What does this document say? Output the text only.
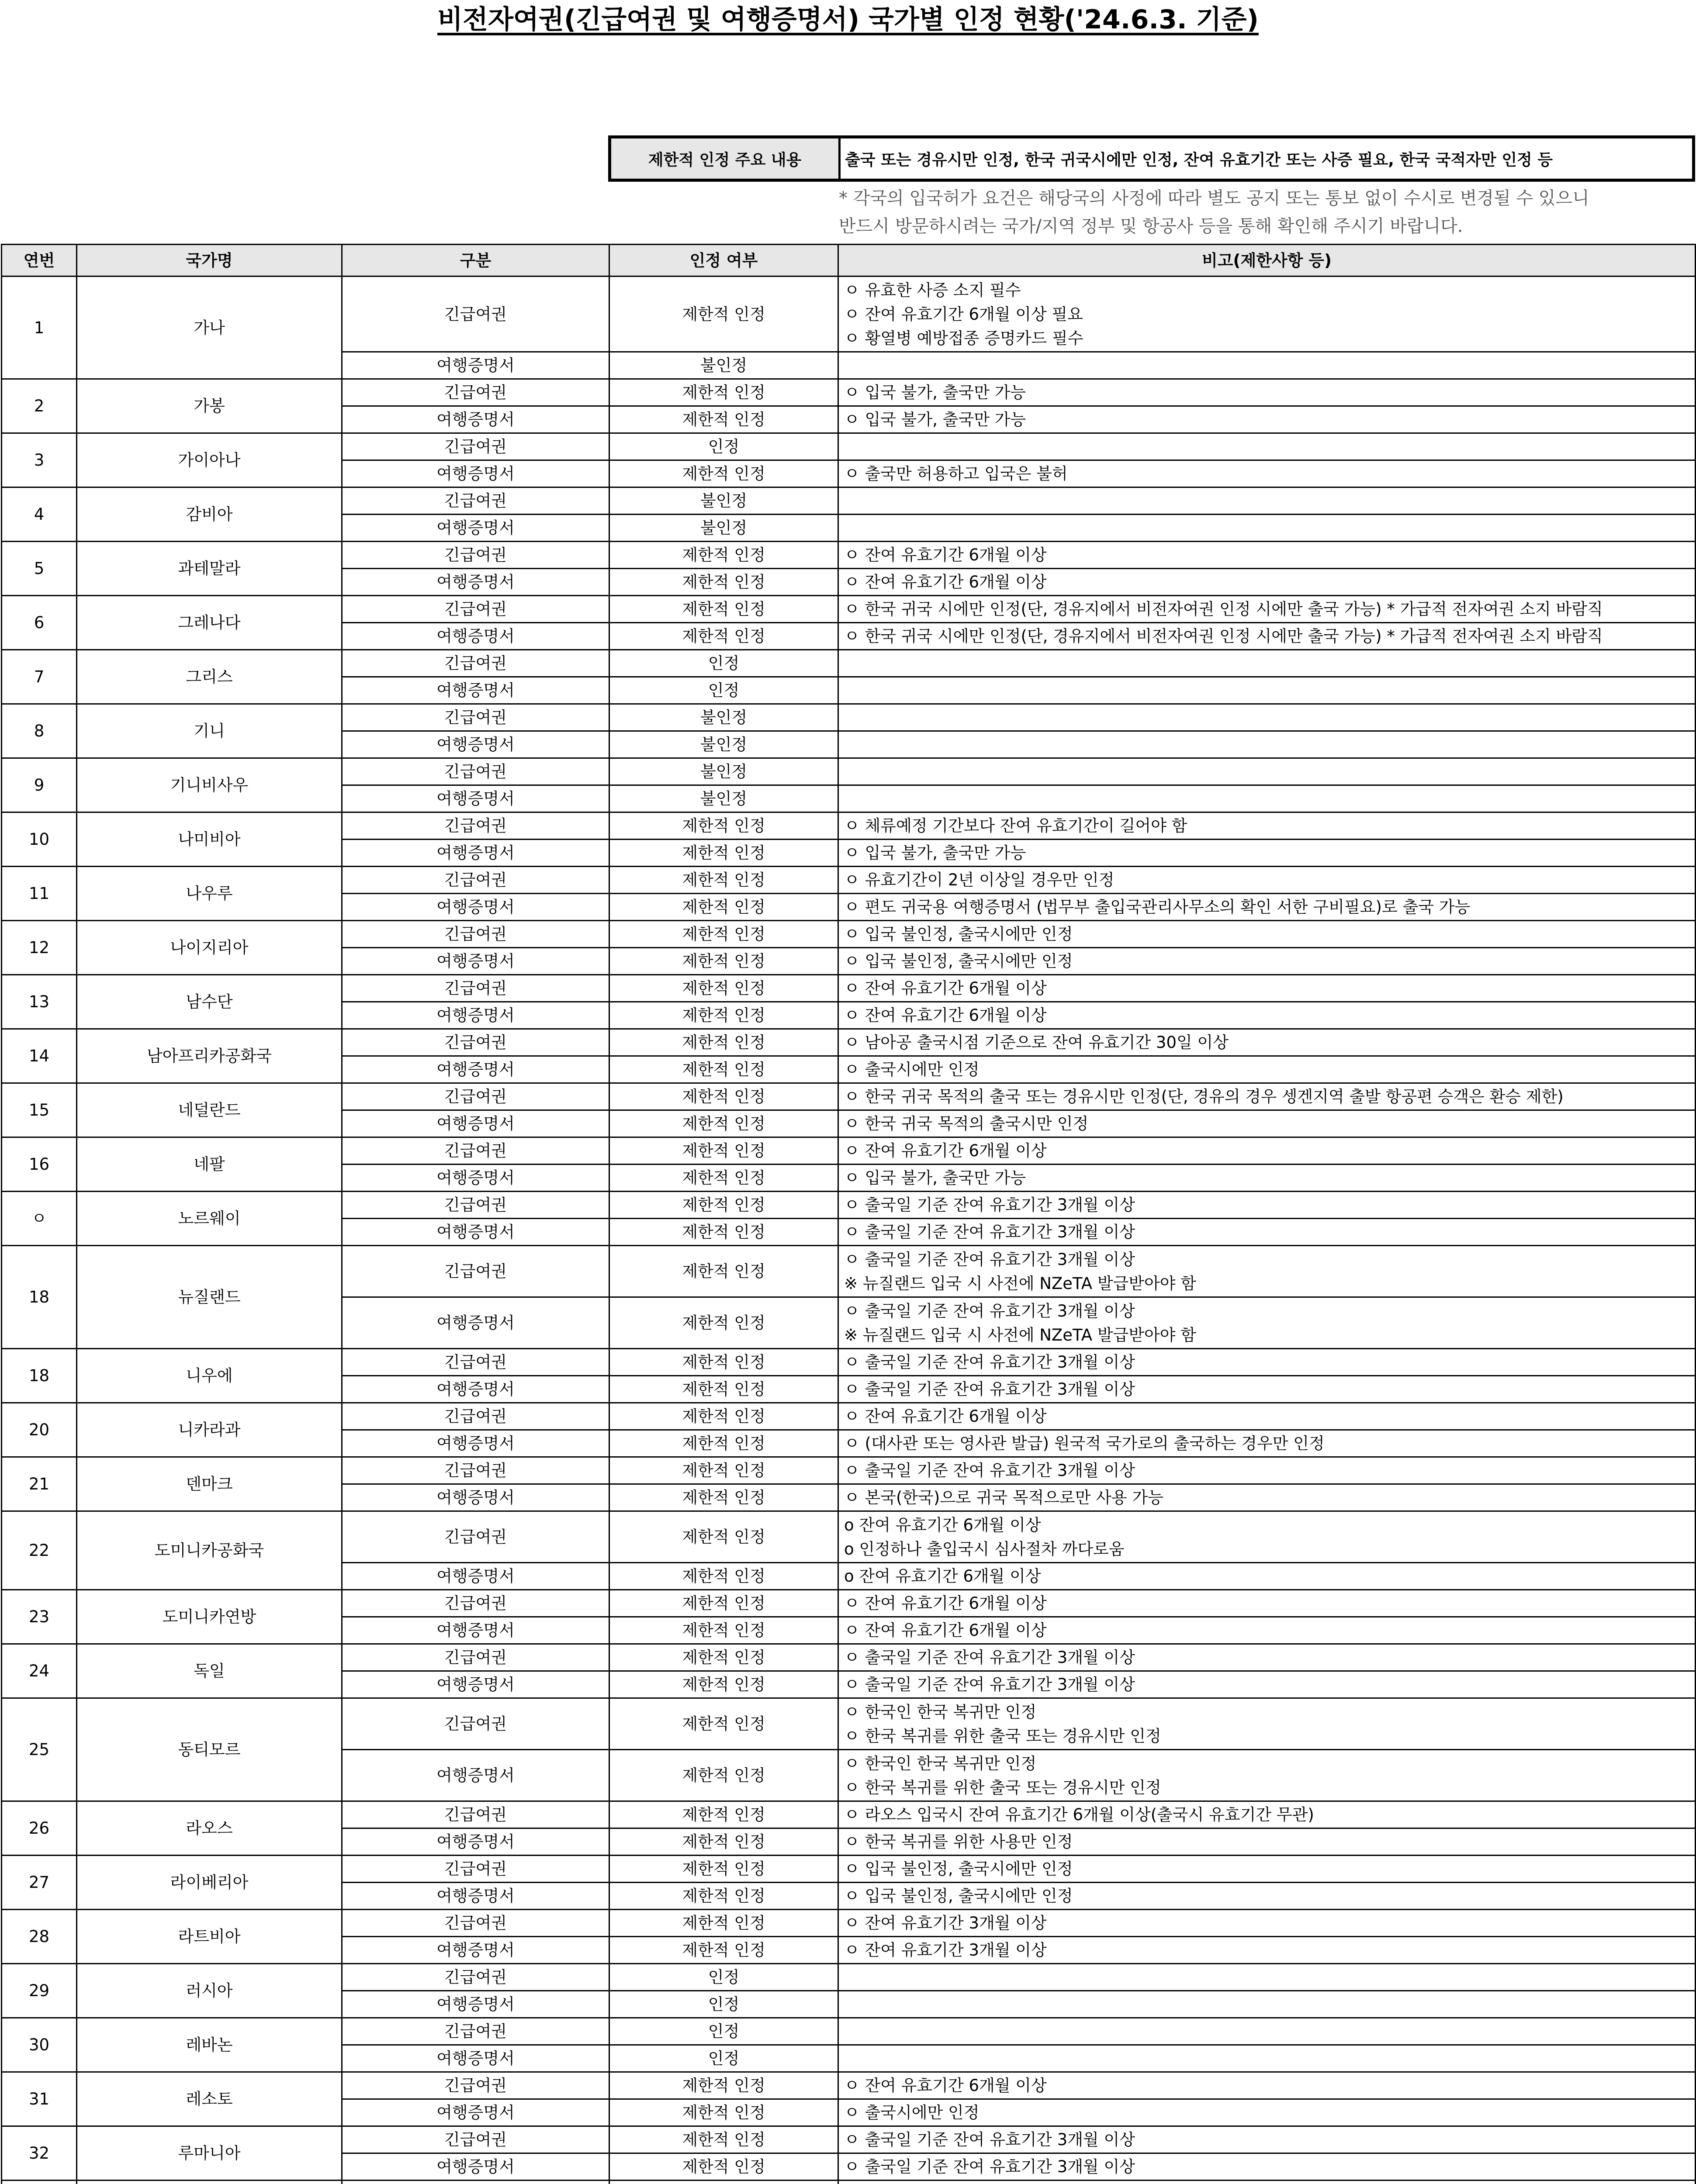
비전자여권(긴급여권 및 여행증명서) 국가별 인정 현황('24.6.3. 기준)
제한적 인정 주요 내용	출국 또는 경유시만 인정, 한국 귀국시에만 인정, 잔여 유효기간 또는 사증 필요, 한국 국적자만 인정 등
* 각국의 입국허가 요건은 해당국의 사정에 따라 별도 공지 또는 통보 없이 수시로 변경될 수 있으니
반드시 방문하시려는 국가/지역 정부 및 항공사 등을 통해 확인해 주시기 바랍니다.
연번	국가명	구분	인정 여부	비고(제한사항 등)
1	가나	긴급여권	제한적 인정	ㅇ 유효한 사증 소지 필수
ㅇ 잔여 유효기간 6개월 이상 필요
ㅇ 황열병 예방접종 증명카드 필수

		여행증명서	불인정	

2	가봉	긴급여권	제한적 인정	ㅇ 입국 불가, 출국만 가능

		여행증명서	제한적 인정	ㅇ 입국 불가, 출국만 가능

3	가이아나	긴급여권	인정	

		여행증명서	제한적 인정	ㅇ 출국만 허용하고 입국은 불허

4	감비아	긴급여권	불인정	

		여행증명서	불인정	

5	과테말라	긴급여권	제한적 인정	ㅇ 잔여 유효기간 6개월 이상

		여행증명서	제한적 인정	ㅇ 잔여 유효기간 6개월 이상

6	그레나다	긴급여권	제한적 인정	ㅇ 한국 귀국 시에만 인정(단, 경유지에서 비전자여권 인정 시에만 출국 가능) * 가급적 전자여권 소지 바람직

		여행증명서	제한적 인정	ㅇ 한국 귀국 시에만 인정(단, 경유지에서 비전자여권 인정 시에만 출국 가능) * 가급적 전자여권 소지 바람직

7	그리스	긴급여권	인정	

		여행증명서	인정	

8	기니	긴급여권	불인정	

		여행증명서	불인정	

9	기니비사우	긴급여권	불인정	

		여행증명서	불인정	

10	나미비아	긴급여권	제한적 인정	ㅇ 체류예정 기간보다 잔여 유효기간이 길어야 함

		여행증명서	제한적 인정	ㅇ 입국 불가, 출국만 가능

11	나우루	긴급여권	제한적 인정	ㅇ 유효기간이 2년 이상일 경우만 인정

		여행증명서	제한적 인정	ㅇ 편도 귀국용 여행증명서 (법무부 출입국관리사무소의 확인 서한 구비필요)로 출국 가능

12	나이지리아	긴급여권	제한적 인정	ㅇ 입국 불인정, 출국시에만 인정

		여행증명서	제한적 인정	ㅇ 입국 불인정, 출국시에만 인정

13	남수단	긴급여권	제한적 인정	ㅇ 잔여 유효기간 6개월 이상

		여행증명서	제한적 인정	ㅇ 잔여 유효기간 6개월 이상

14	남아프리카공화국	긴급여권	제한적 인정	ㅇ 남아공 출국시점 기준으로 잔여 유효기간 30일 이상

		여행증명서	제한적 인정	ㅇ 출국시에만 인정

15	네덜란드	긴급여권	제한적 인정	ㅇ 한국 귀국 목적의 출국 또는 경유시만 인정(단, 경유의 경우 셍겐지역 출발 항공편 승객은 환승 제한)

		여행증명서	제한적 인정	ㅇ 한국 귀국 목적의 출국시만 인정

16	네팔	긴급여권	제한적 인정	ㅇ 잔여 유효기간 6개월 이상

		여행증명서	제한적 인정	ㅇ 입국 불가, 출국만 가능

ㅇ	노르웨이	긴급여권	제한적 인정	ㅇ 출국일 기준 잔여 유효기간 3개월 이상

		여행증명서	제한적 인정	ㅇ 출국일 기준 잔여 유효기간 3개월 이상

18	뉴질랜드	긴급여권	제한적 인정	ㅇ 출국일 기준 잔여 유효기간 3개월 이상
※ 뉴질랜드 입국 시 사전에 NZeTA 발급받아야 함

		여행증명서	제한적 인정	ㅇ 출국일 기준 잔여 유효기간 3개월 이상
※ 뉴질랜드 입국 시 사전에 NZeTA 발급받아야 함

18	니우에	긴급여권	제한적 인정	ㅇ 출국일 기준 잔여 유효기간 3개월 이상

		여행증명서	제한적 인정	ㅇ 출국일 기준 잔여 유효기간 3개월 이상

20	니카라과	긴급여권	제한적 인정	ㅇ 잔여 유효기간 6개월 이상

		여행증명서	제한적 인정	ㅇ (대사관 또는 영사관 발급) 원국적 국가로의 출국하는 경우만 인정

21	덴마크	긴급여권	제한적 인정	ㅇ 출국일 기준 잔여 유효기간 3개월 이상

		여행증명서	제한적 인정	ㅇ 본국(한국)으로 귀국 목적으로만 사용 가능

22	도미니카공화국	긴급여권	제한적 인정	o 잔여 유효기간 6개월 이상
o 인정하나 출입국시 심사절차 까다로움

		여행증명서	제한적 인정	o 잔여 유효기간 6개월 이상

23	도미니카연방	긴급여권	제한적 인정	ㅇ 잔여 유효기간 6개월 이상

		여행증명서	제한적 인정	ㅇ 잔여 유효기간 6개월 이상

24	독일	긴급여권	제한적 인정	ㅇ 출국일 기준 잔여 유효기간 3개월 이상

		여행증명서	제한적 인정	ㅇ 출국일 기준 잔여 유효기간 3개월 이상

25	동티모르	긴급여권	제한적 인정	ㅇ 한국인 한국 복귀만 인정
ㅇ 한국 복귀를 위한 출국 또는 경유시만 인정

		여행증명서	제한적 인정	ㅇ 한국인 한국 복귀만 인정
ㅇ 한국 복귀를 위한 출국 또는 경유시만 인정

26	라오스	긴급여권	제한적 인정	ㅇ 라오스 입국시 잔여 유효기간 6개월 이상(출국시 유효기간 무관)

		여행증명서	제한적 인정	ㅇ 한국 복귀를 위한 사용만 인정

27	라이베리아	긴급여권	제한적 인정	ㅇ 입국 불인정, 출국시에만 인정

		여행증명서	제한적 인정	ㅇ 입국 불인정, 출국시에만 인정

28	라트비아	긴급여권	제한적 인정	ㅇ 잔여 유효기간 3개월 이상

		여행증명서	제한적 인정	ㅇ 잔여 유효기간 3개월 이상

29	러시아	긴급여권	인정	

		여행증명서	인정	

30	레바논	긴급여권	인정	

		여행증명서	인정	

31	레소토	긴급여권	제한적 인정	ㅇ 잔여 유효기간 6개월 이상

		여행증명서	제한적 인정	ㅇ 출국시에만 인정

32	루마니아	긴급여권	제한적 인정	ㅇ 출국일 기준 잔여 유효기간 3개월 이상

		여행증명서	제한적 인정	ㅇ 출국일 기준 잔여 유효기간 3개월 이상
